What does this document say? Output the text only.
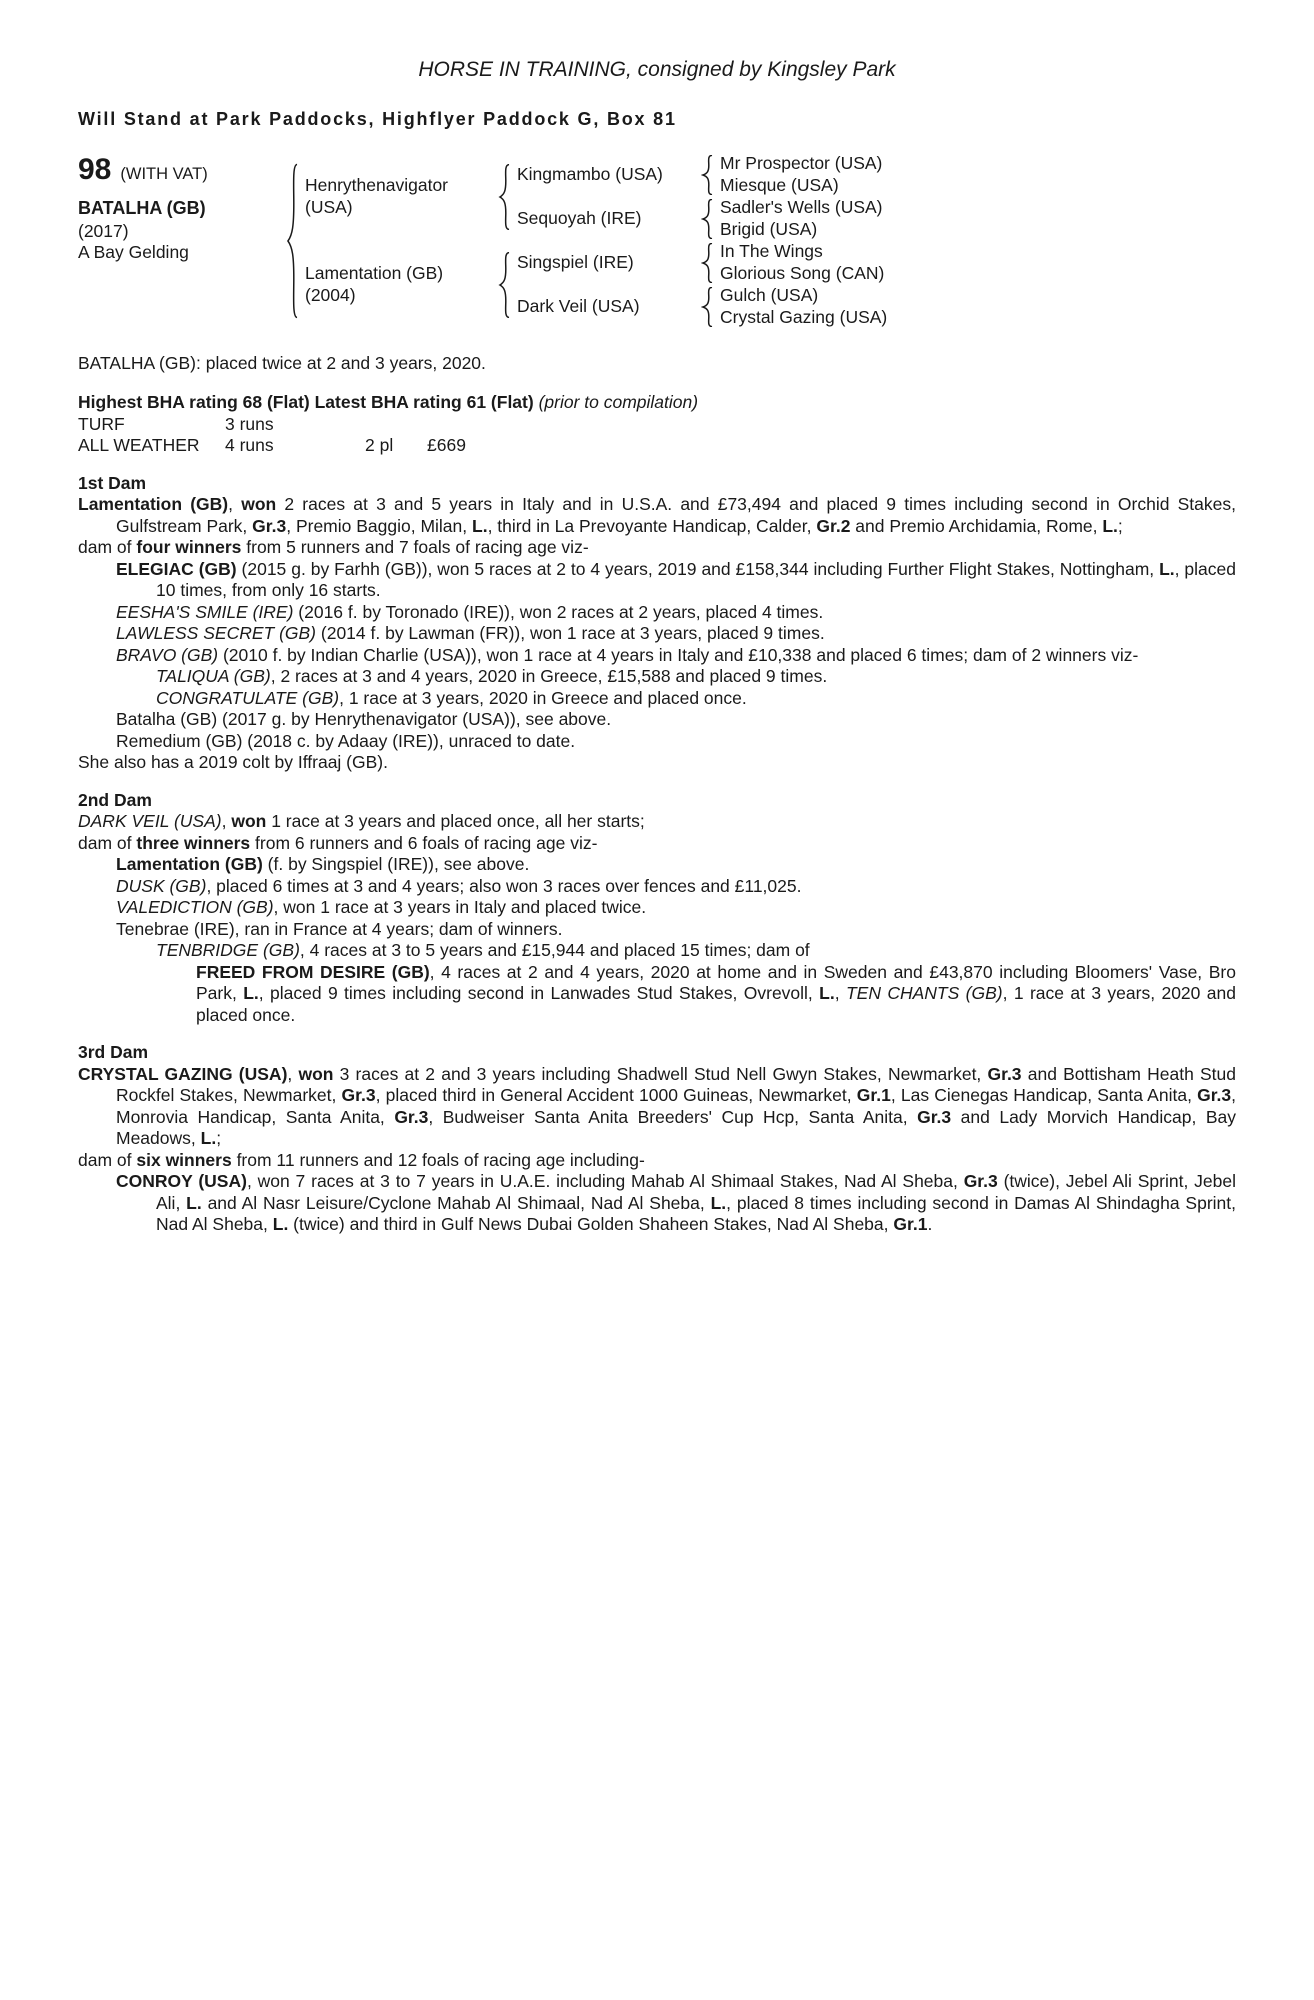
HORSE IN TRAINING, consigned by Kingsley Park

Will Stand at Park Paddocks, Highflyer Paddock G, Box 81

98 (WITH VAT)
BATALHA (GB)
(2017)
A Bay Gelding
Henrythenavigator
(USA)
Lamentation (GB)
(2004)
Kingmambo (USA)
Sequoyah (IRE)
Singspiel (IRE)
Dark Veil (USA)
Mr Prospector (USA)
Miesque (USA)
Sadler's Wells (USA)
Brigid (USA)
In The Wings
Glorious Song (CAN)
Gulch (USA)
Crystal Gazing (USA)

BATALHA (GB): placed twice at 2 and 3 years, 2020.

Highest BHA rating 68 (Flat) Latest BHA rating 61 (Flat) (prior to compilation)

TURF	3 runs
ALL WEATHER	4 runs	2 pl	£669

1st Dam

Lamentation (GB), won 2 races at 3 and 5 years in Italy and in U.S.A. and £73,494 and placed 9 times including second in Orchid Stakes, Gulfstream Park, Gr.3, Premio Baggio, Milan, L., third in La Prevoyante Handicap, Calder, Gr.2 and Premio Archidamia, Rome, L.;

dam of four winners from 5 runners and 7 foals of racing age viz-

ELEGIAC (GB) (2015 g. by Farhh (GB)), won 5 races at 2 to 4 years, 2019 and £158,344 including Further Flight Stakes, Nottingham, L., placed 10 times, from only 16 starts.

EESHA'S SMILE (IRE) (2016 f. by Toronado (IRE)), won 2 races at 2 years, placed 4 times.

LAWLESS SECRET (GB) (2014 f. by Lawman (FR)), won 1 race at 3 years, placed 9 times.

BRAVO (GB) (2010 f. by Indian Charlie (USA)), won 1 race at 4 years in Italy and £10,338 and placed 6 times; dam of 2 winners viz-

TALIQUA (GB), 2 races at 3 and 4 years, 2020 in Greece, £15,588 and placed 9 times.

CONGRATULATE (GB), 1 race at 3 years, 2020 in Greece and placed once.

Batalha (GB) (2017 g. by Henrythenavigator (USA)), see above.

Remedium (GB) (2018 c. by Adaay (IRE)), unraced to date.

She also has a 2019 colt by Iffraaj (GB).

2nd Dam

DARK VEIL (USA), won 1 race at 3 years and placed once, all her starts;

dam of three winners from 6 runners and 6 foals of racing age viz-

Lamentation (GB) (f. by Singspiel (IRE)), see above.

DUSK (GB), placed 6 times at 3 and 4 years; also won 3 races over fences and £11,025.

VALEDICTION (GB), won 1 race at 3 years in Italy and placed twice.

Tenebrae (IRE), ran in France at 4 years; dam of winners.

TENBRIDGE (GB), 4 races at 3 to 5 years and £15,944 and placed 15 times; dam of

FREED FROM DESIRE (GB), 4 races at 2 and 4 years, 2020 at home and in Sweden and £43,870 including Bloomers' Vase, Bro Park, L., placed 9 times including second in Lanwades Stud Stakes, Ovrevoll, L., TEN CHANTS (GB), 1 race at 3 years, 2020 and placed once.

3rd Dam

CRYSTAL GAZING (USA), won 3 races at 2 and 3 years including Shadwell Stud Nell Gwyn Stakes, Newmarket, Gr.3 and Bottisham Heath Stud Rockfel Stakes, Newmarket, Gr.3, placed third in General Accident 1000 Guineas, Newmarket, Gr.1, Las Cienegas Handicap, Santa Anita, Gr.3, Monrovia Handicap, Santa Anita, Gr.3, Budweiser Santa Anita Breeders' Cup Hcp, Santa Anita, Gr.3 and Lady Morvich Handicap, Bay Meadows, L.;

dam of six winners from 11 runners and 12 foals of racing age including-

CONROY (USA), won 7 races at 3 to 7 years in U.A.E. including Mahab Al Shimaal Stakes, Nad Al Sheba, Gr.3 (twice), Jebel Ali Sprint, Jebel Ali, L. and Al Nasr Leisure/Cyclone Mahab Al Shimaal, Nad Al Sheba, L., placed 8 times including second in Damas Al Shindagha Sprint, Nad Al Sheba, L. (twice) and third in Gulf News Dubai Golden Shaheen Stakes, Nad Al Sheba, Gr.1.
